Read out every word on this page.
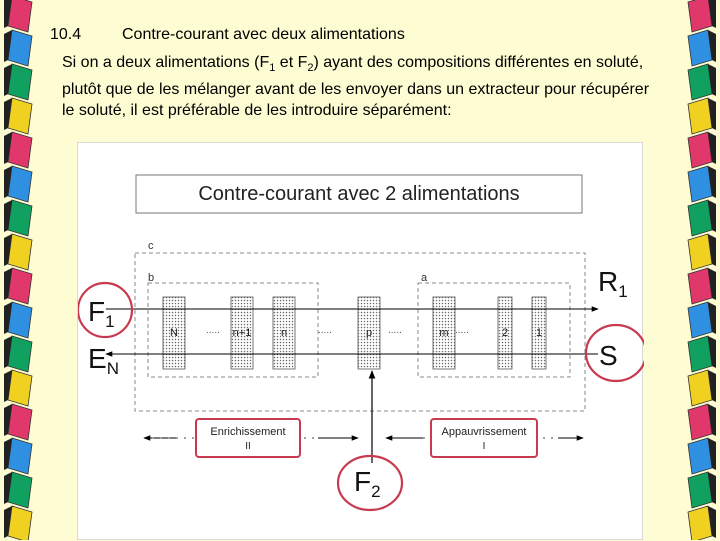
10.4	Contre-courant avec deux alimentations
Si on a deux alimentations ($F_1$ et $F_2$) ayant des compositions différentes en soluté, plutôt que de les mélanger avant de les envoyer dans un extracteur pour récupérer le soluté, il est préférable de les introduire séparément:
Contre-courant avec 2 alimentations
c
b	a
N	n+1	n	p	m	2	1
.....	.....	.....	.....
Enrichissement
II
Appauvrissement
I
$F_1$
$E_N$
$R_1$
S
$F_2$
